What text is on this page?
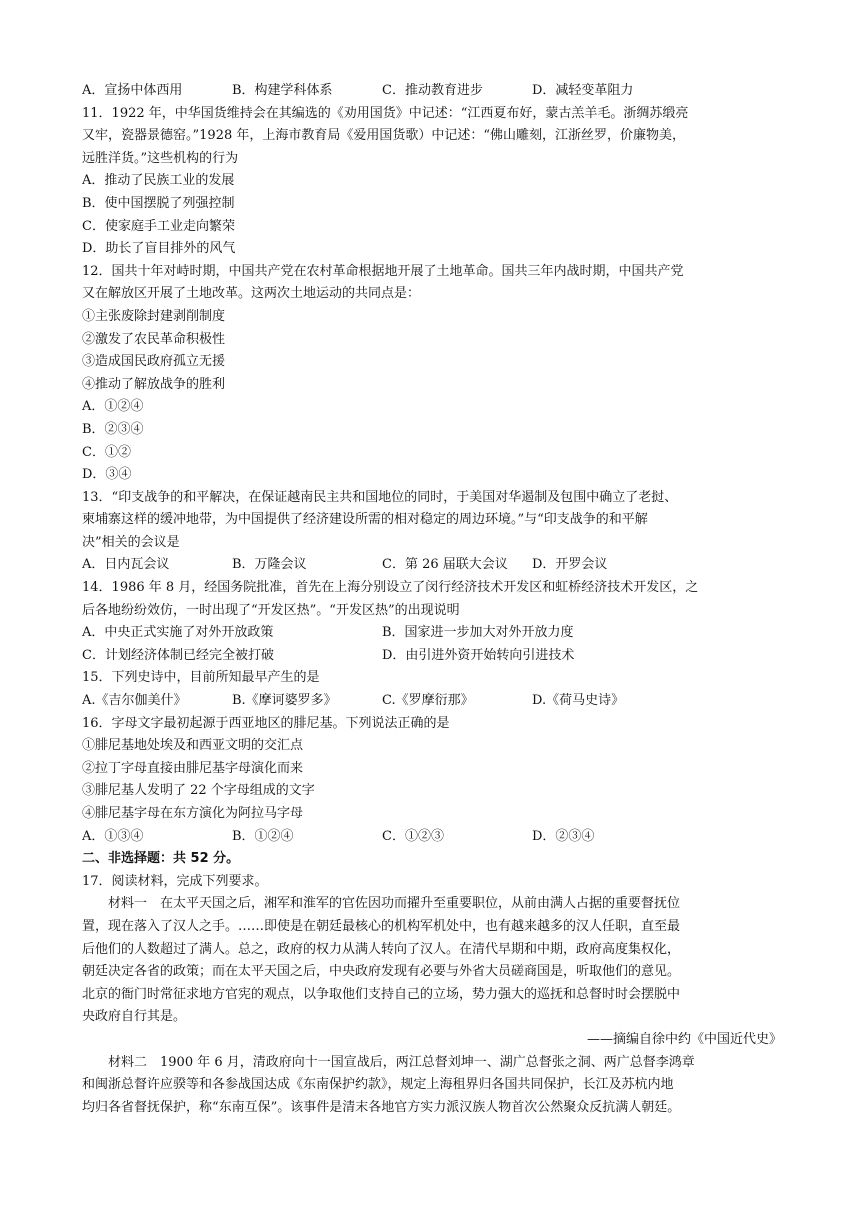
A．宣扬中体西用	B．构建学科体系	C．推动教育进步	D．减轻变革阻力
11．1922 年，中华国货维持会在其编选的《劝用国货》中记述：“江西夏布好，蒙古羔羊毛。浙绸苏缎亮
又牢，瓷器景德窑。”1928 年，上海市教育局《爱用国货歌）中记述：“佛山雕刻，江浙丝罗，价廉物美，
远胜洋货。”这些机构的行为
A．推动了民族工业的发展
B．使中国摆脱了列强控制
C．使家庭手工业走向繁荣
D．助长了盲目排外的风气
12．国共十年对峙时期，中国共产党在农村革命根据地开展了土地革命。国共三年内战时期，中国共产党
又在解放区开展了土地改革。这两次土地运动的共同点是：
①主张废除封建剥削制度
②激发了农民革命积极性
③造成国民政府孤立无援
④推动了解放战争的胜利
A．①②④
B．②③④
C．①②
D．③④
13．“印支战争的和平解决，在保证越南民主共和国地位的同时，于美国对华遏制及包围中确立了老挝、
柬埔寨这样的缓冲地带，为中国提供了经济建设所需的相对稳定的周边环境。”与“印支战争的和平解
决”相关的会议是
A．日内瓦会议	B．万隆会议	C．第 26 届联大会议 D．开罗会议
14．1986 年 8 月，经国务院批准，首先在上海分别设立了闵行经济技术开发区和虹桥经济技术开发区，之
后各地纷纷效仿，一时出现了“开发区热”。“开发区热”的出现说明
A．中央正式实施了对外开放政策	B．国家进一步加大对外开放力度
C．计划经济体制已经完全被打破	D．由引进外资开始转向引进技术
15．下列史诗中，目前所知最早产生的是
A.《吉尔伽美什》	B.《摩诃婆罗多》	C.《罗摩衍那》	D.《荷马史诗》
16．字母文字最初起源于西亚地区的腓尼基。下列说法正确的是
①腓尼基地处埃及和西亚文明的交汇点
②拉丁字母直接由腓尼基字母演化而来
③腓尼基人发明了 22 个字母组成的文字
④腓尼基字母在东方演化为阿拉马字母
A．①③④	B．①②④	C．①②③	D．②③④
二、非选择题：共 52 分。
17．阅读材料，完成下列要求。
材料一　在太平天国之后，湘军和淮军的官佐因功而擢升至重要职位，从前由满人占据的重要督抚位
置，现在落入了汉人之手。……即使是在朝廷最核心的机构军机处中，也有越来越多的汉人任职，直至最
后他们的人数超过了满人。总之，政府的权力从满人转向了汉人。在清代早期和中期，政府高度集权化，
朝廷决定各省的政策；而在太平天国之后，中央政府发现有必要与外省大员磋商国是，听取他们的意见。
北京的衙门时常征求地方官宪的观点，以争取他们支持自己的立场，势力强大的巡抚和总督时时会摆脱中
央政府自行其是。
——摘编自徐中约《中国近代史》
材料二　1900 年 6 月，清政府向十一国宣战后，两江总督刘坤一、湖广总督张之洞、两广总督李鸿章
和闽浙总督许应骙等和各参战国达成《东南保护约款》，规定上海租界归各国共同保护，长江及苏杭内地
均归各省督抚保护，称“东南互保”。该事件是清末各地官方实力派汉族人物首次公然聚众反抗满人朝廷。
